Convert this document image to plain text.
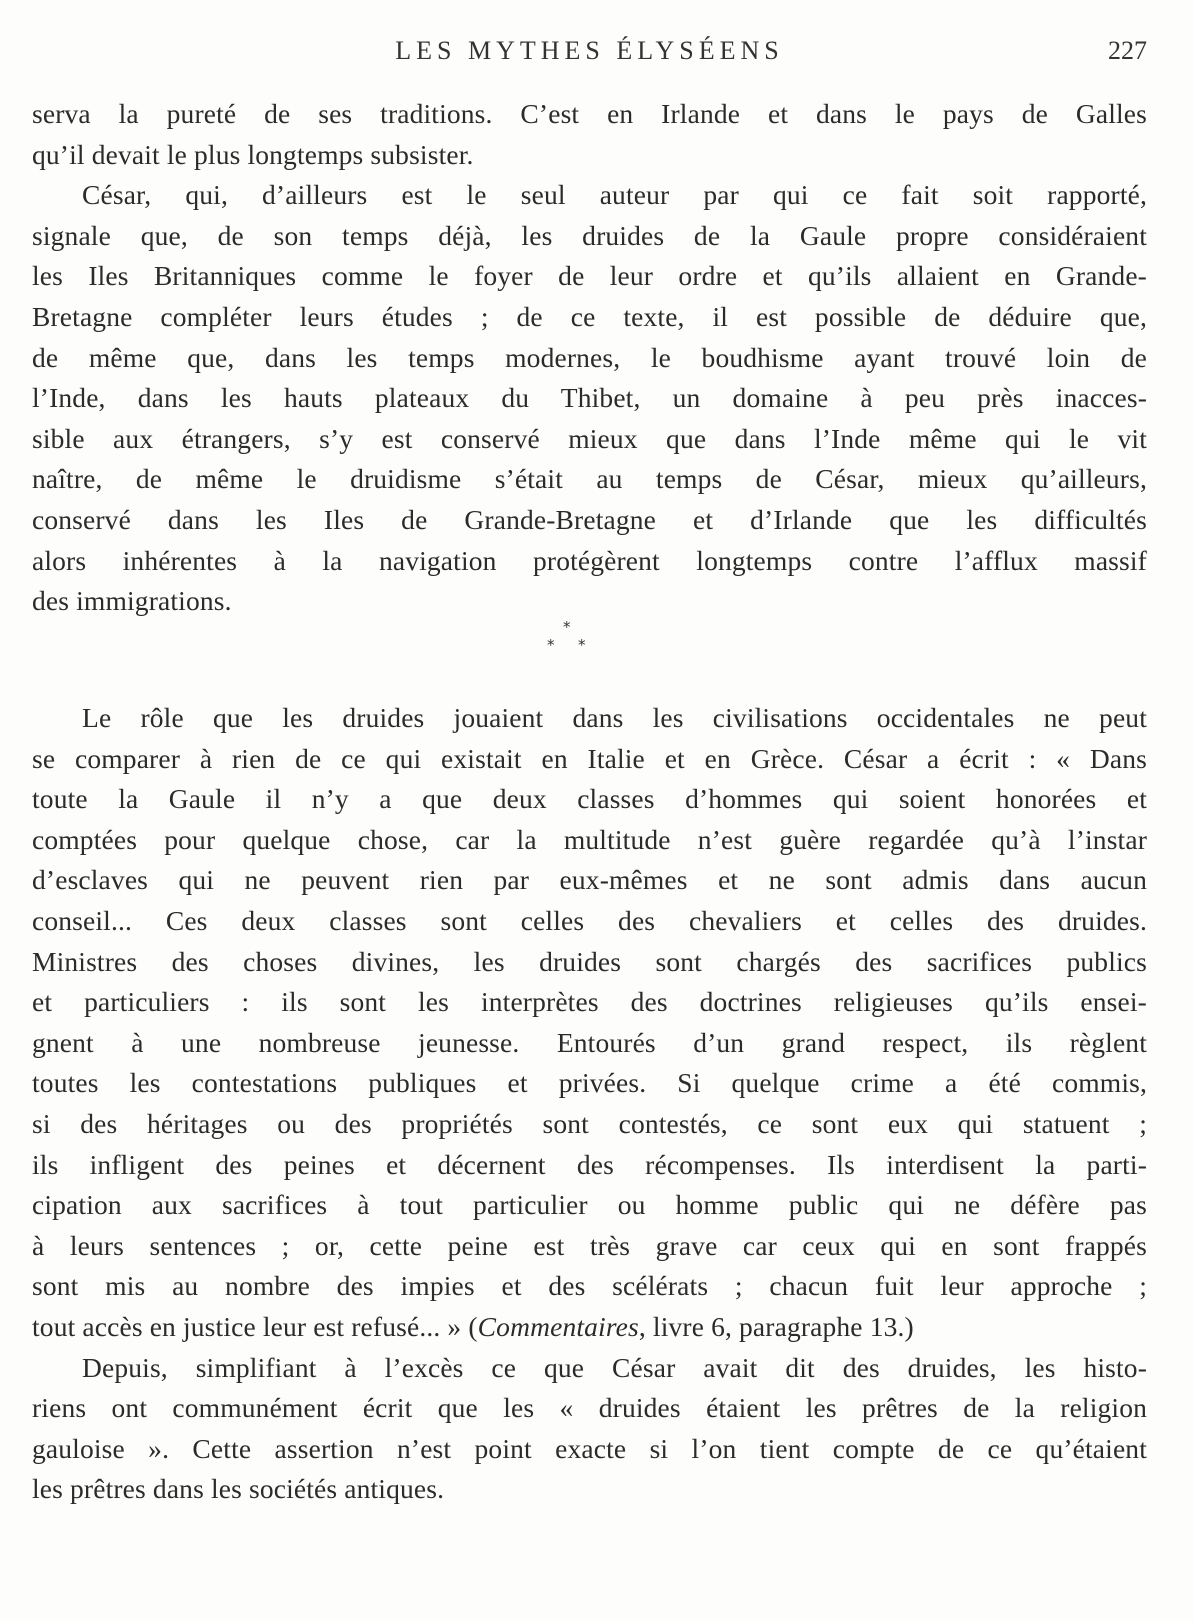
LES MYTHES ÉLYSÉENS	227
serva la pureté de ses traditions. C’est en Irlande et dans le pays de Galles
qu’il devait le plus longtemps subsister.
César, qui, d’ailleurs est le seul auteur par qui ce fait soit rapporté,
signale que, de son temps déjà, les druides de la Gaule propre considéraient
les Iles Britanniques comme le foyer de leur ordre et qu’ils allaient en Grande-
Bretagne compléter leurs études ; de ce texte, il est possible de déduire que,
de même que, dans les temps modernes, le boudhisme ayant trouvé loin de
l’Inde, dans les hauts plateaux du Thibet, un domaine à peu près inacces-
sible aux étrangers, s’y est conservé mieux que dans l’Inde même qui le vit
naître, de même le druidisme s’était au temps de César, mieux qu’ailleurs,
conservé dans les Iles de Grande-Bretagne et d’Irlande que les difficultés
alors inhérentes à la navigation protégèrent longtemps contre l’afflux massif
des immigrations.
*
* *
Le rôle que les druides jouaient dans les civilisations occidentales ne peut
se comparer à rien de ce qui existait en Italie et en Grèce. César a écrit : « Dans
toute la Gaule il n’y a que deux classes d’hommes qui soient honorées et
comptées pour quelque chose, car la multitude n’est guère regardée qu’à l’instar
d’esclaves qui ne peuvent rien par eux-mêmes et ne sont admis dans aucun
conseil... Ces deux classes sont celles des chevaliers et celles des druides.
Ministres des choses divines, les druides sont chargés des sacrifices publics
et particuliers : ils sont les interprètes des doctrines religieuses qu’ils ensei-
gnent à une nombreuse jeunesse. Entourés d’un grand respect, ils règlent
toutes les contestations publiques et privées. Si quelque crime a été commis,
si des héritages ou des propriétés sont contestés, ce sont eux qui statuent ;
ils infligent des peines et décernent des récompenses. Ils interdisent la parti-
cipation aux sacrifices à tout particulier ou homme public qui ne défère pas
à leurs sentences ; or, cette peine est très grave car ceux qui en sont frappés
sont mis au nombre des impies et des scélérats ; chacun fuit leur approche ;
tout accès en justice leur est refusé... » (Commentaires, livre 6, paragraphe 13.)
Depuis, simplifiant à l’excès ce que César avait dit des druides, les histo-
riens ont communément écrit que les « druides étaient les prêtres de la religion
gauloise ». Cette assertion n’est point exacte si l’on tient compte de ce qu’étaient
les prêtres dans les sociétés antiques.
